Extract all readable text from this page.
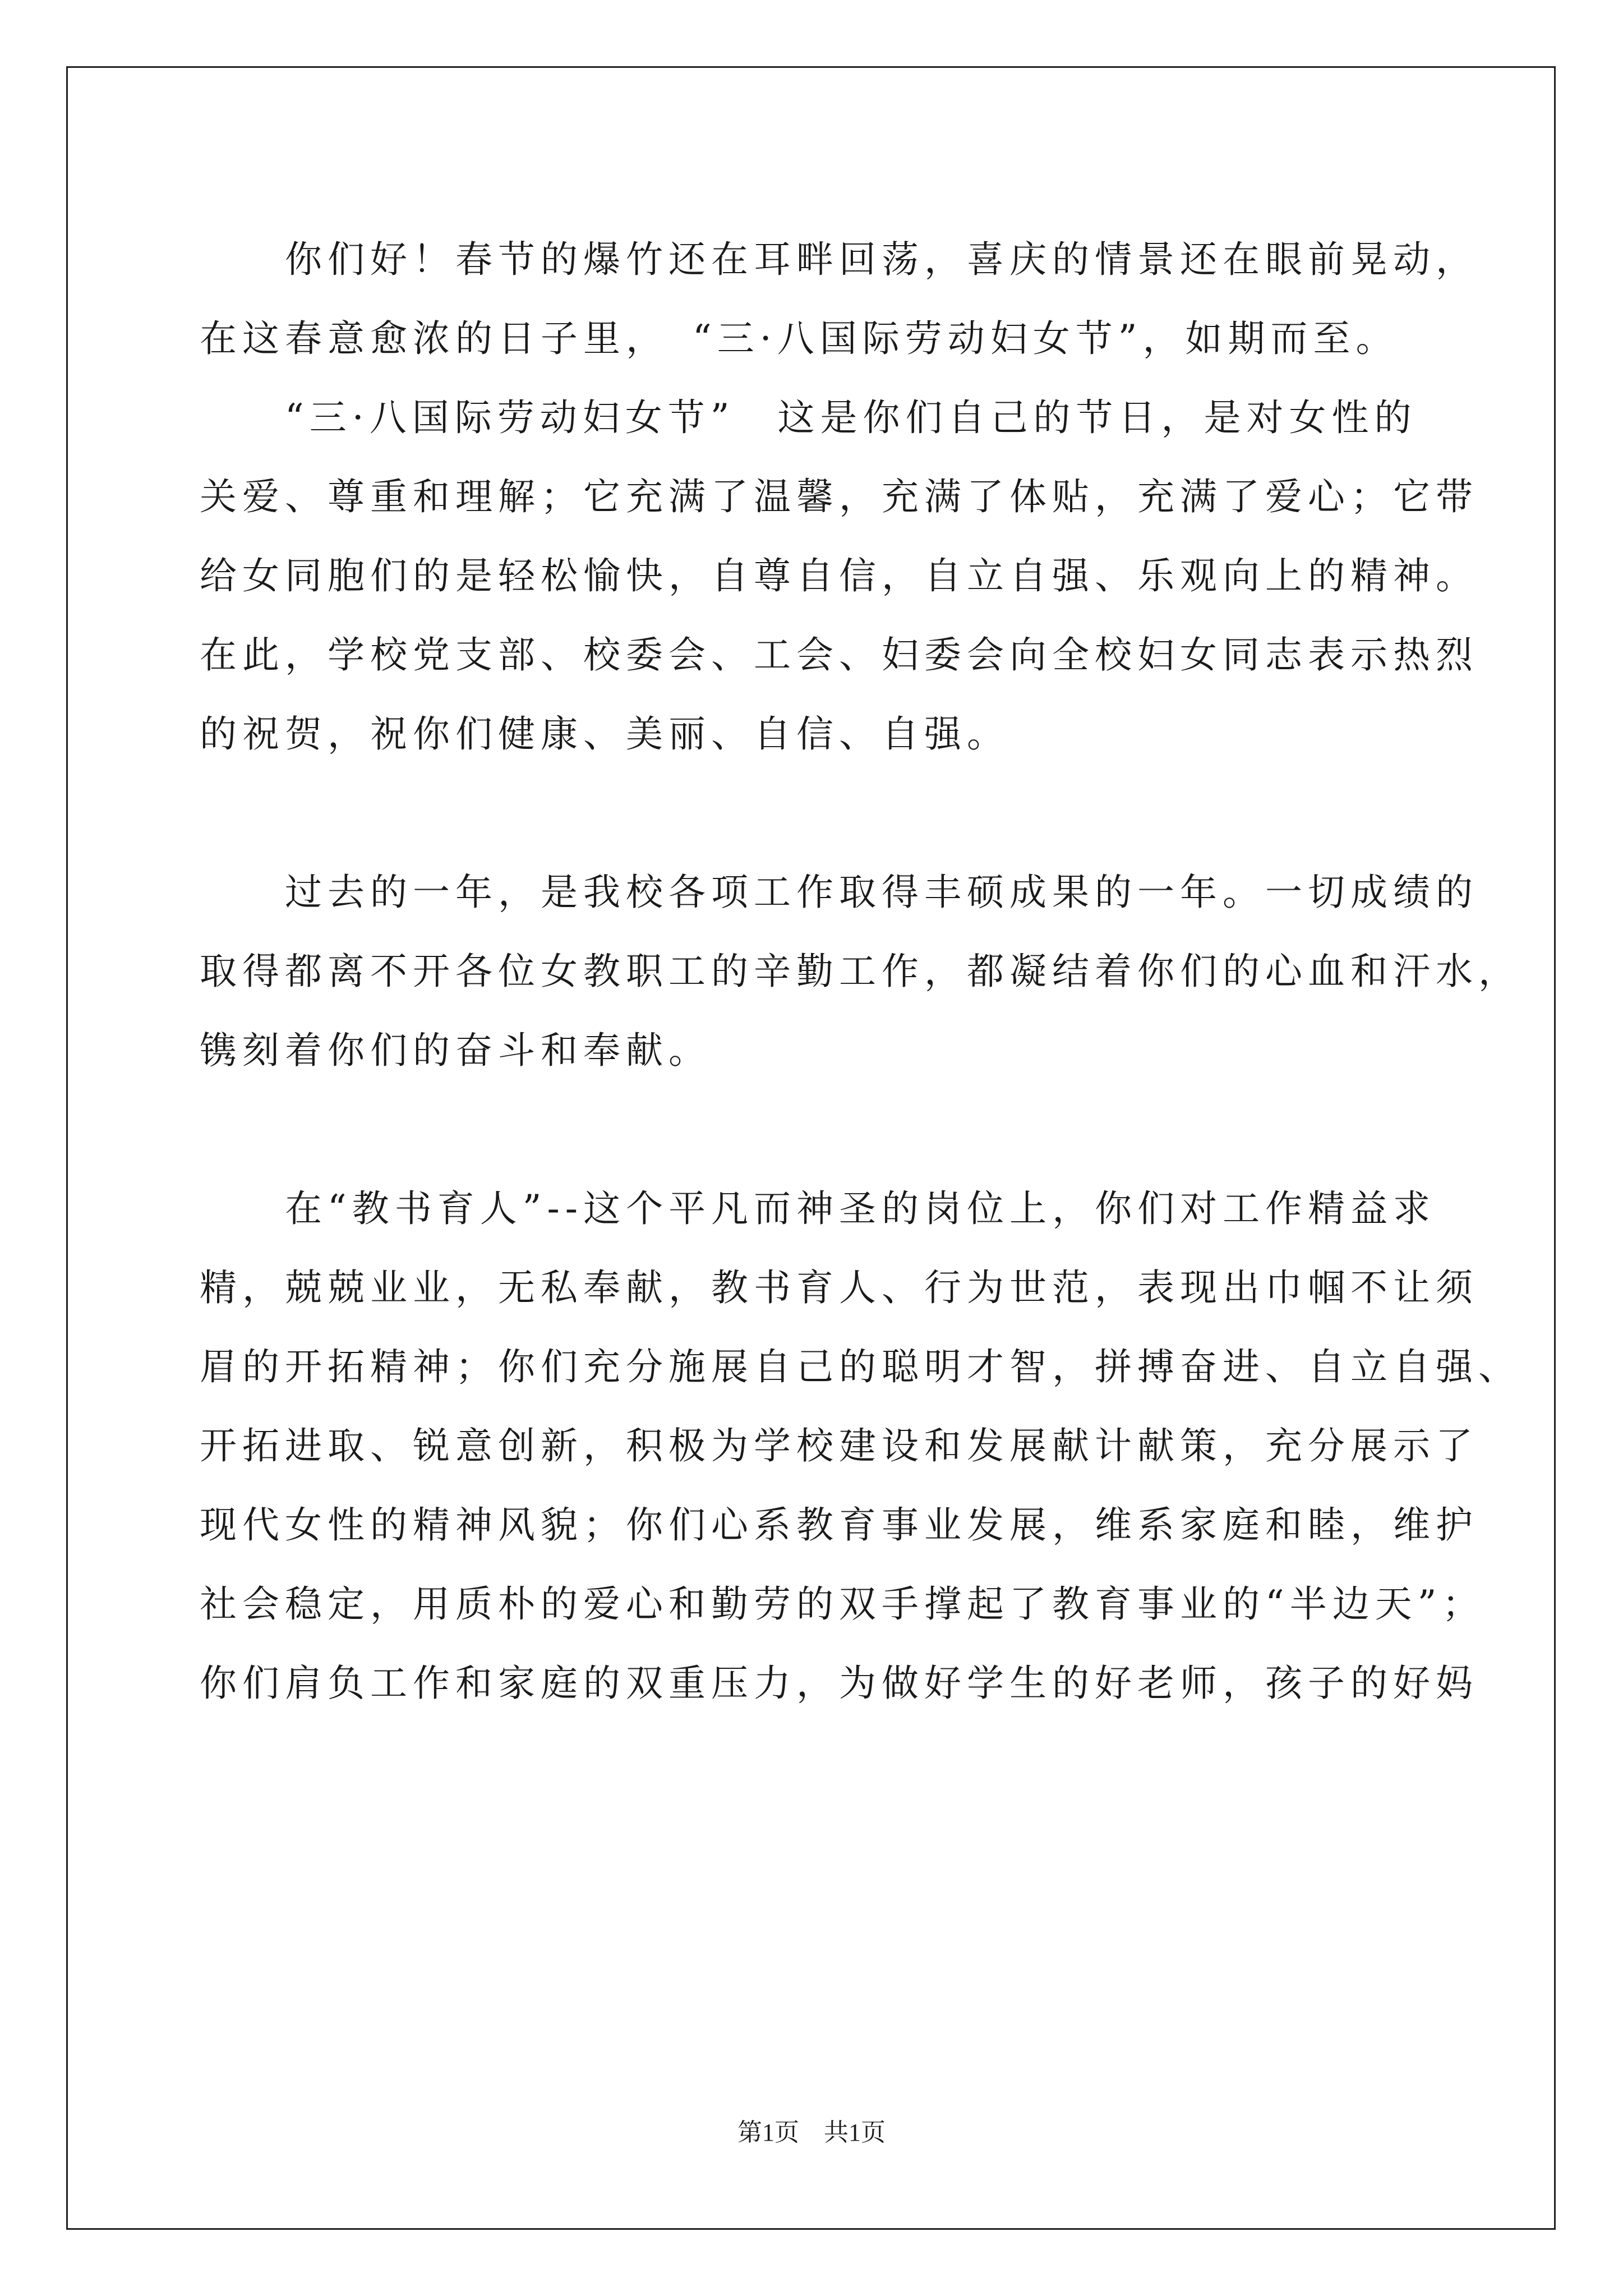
　　你们好！春节的爆竹还在耳畔回荡，喜庆的情景还在眼前晃动，
在这春意愈浓的日子里，　“三·八国际劳动妇女节”，如期而至。
　　“三·八国际劳动妇女节”　这是你们自己的节日，是对女性的
关爱、尊重和理解；它充满了温馨，充满了体贴，充满了爱心；它带
给女同胞们的是轻松愉快，自尊自信，自立自强、乐观向上的精神。
在此，学校党支部、校委会、工会、妇委会向全校妇女同志表示热烈
的祝贺，祝你们健康、美丽、自信、自强。
　　过去的一年，是我校各项工作取得丰硕成果的一年。一切成绩的
取得都离不开各位女教职工的辛勤工作，都凝结着你们的心血和汗水，
镌刻着你们的奋斗和奉献。
　　在“教书育人”--这个平凡而神圣的岗位上，你们对工作精益求
精，兢兢业业，无私奉献，教书育人、行为世范，表现出巾帼不让须
眉的开拓精神；你们充分施展自己的聪明才智，拼搏奋进、自立自强、
开拓进取、锐意创新，积极为学校建设和发展献计献策，充分展示了
现代女性的精神风貌；你们心系教育事业发展，维系家庭和睦，维护
社会稳定，用质朴的爱心和勤劳的双手撑起了教育事业的“半边天”；
你们肩负工作和家庭的双重压力，为做好学生的好老师，孩子的好妈
第1页　共1页
